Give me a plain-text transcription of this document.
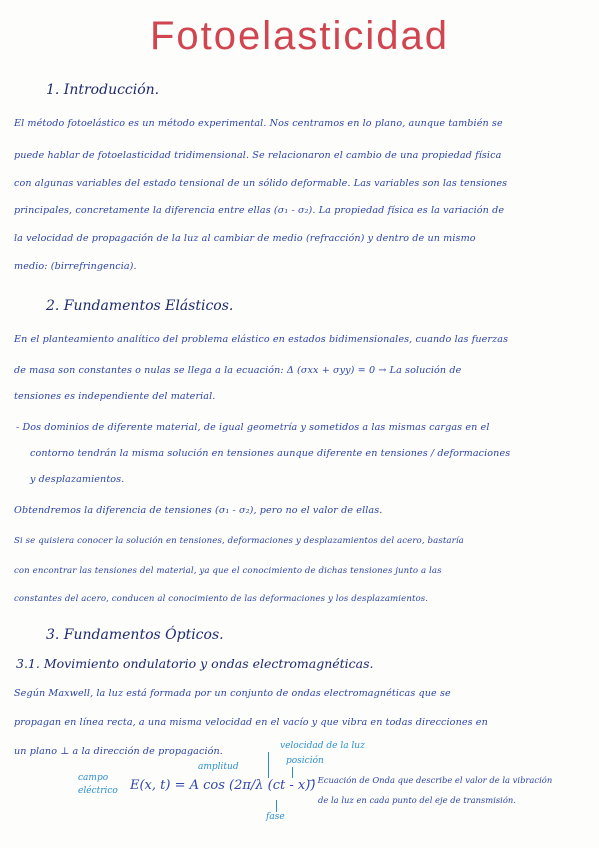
Fotoelasticidad
1. Introducción.
El método fotoelástico es un método experimental. Nos centramos en lo plano, aunque también se
puede hablar de fotoelasticidad tridimensional. Se relacionaron el cambio de una propiedad física
con algunas variables del estado tensional de un sólido deformable. Las variables son las tensiones
principales, concretamente la diferencia entre ellas (σ₁ - σ₂). La propiedad física es la variación de
la velocidad de propagación de la luz al cambiar de medio (refracción) y dentro de un mismo
medio: (birrefringencia).
2. Fundamentos Elásticos.
En el planteamiento analítico del problema elástico en estados bidimensionales, cuando las fuerzas
de masa son constantes o nulas se llega a la ecuación: Δ (σxx + σyy) = 0 → La solución de
tensiones es independiente del material.
- Dos dominios de diferente material, de igual geometría y sometidos a las mismas cargas en el
contorno tendrán la misma solución en tensiones aunque diferente en tensiones / deformaciones
y desplazamientos.
Obtendremos la diferencia de tensiones (σ₁ - σ₂), pero no el valor de ellas.
Si se quisiera conocer la solución en tensiones, deformaciones y desplazamientos del acero, bastaría
con encontrar las tensiones del material, ya que el conocimiento de dichas tensiones junto a las
constantes del acero, conducen al conocimiento de las deformaciones y los desplazamientos.
3. Fundamentos Ópticos.
3.1. Movimiento ondulatorio y ondas electromagnéticas.
Según Maxwell, la luz está formada por un conjunto de ondas electromagnéticas que se
propagan en línea recta, a una misma velocidad en el vacío y que vibra en todas direcciones en
un plano ⊥ a la dirección de propagación.	velocidad de la luz
posición
amplitud
campo eléctrico E(x, t) = A cos (2π/λ (ct - x))
→ Ecuación de Onda que describe el valor de la vibración
de la luz en cada punto del eje de transmisión.
fase
